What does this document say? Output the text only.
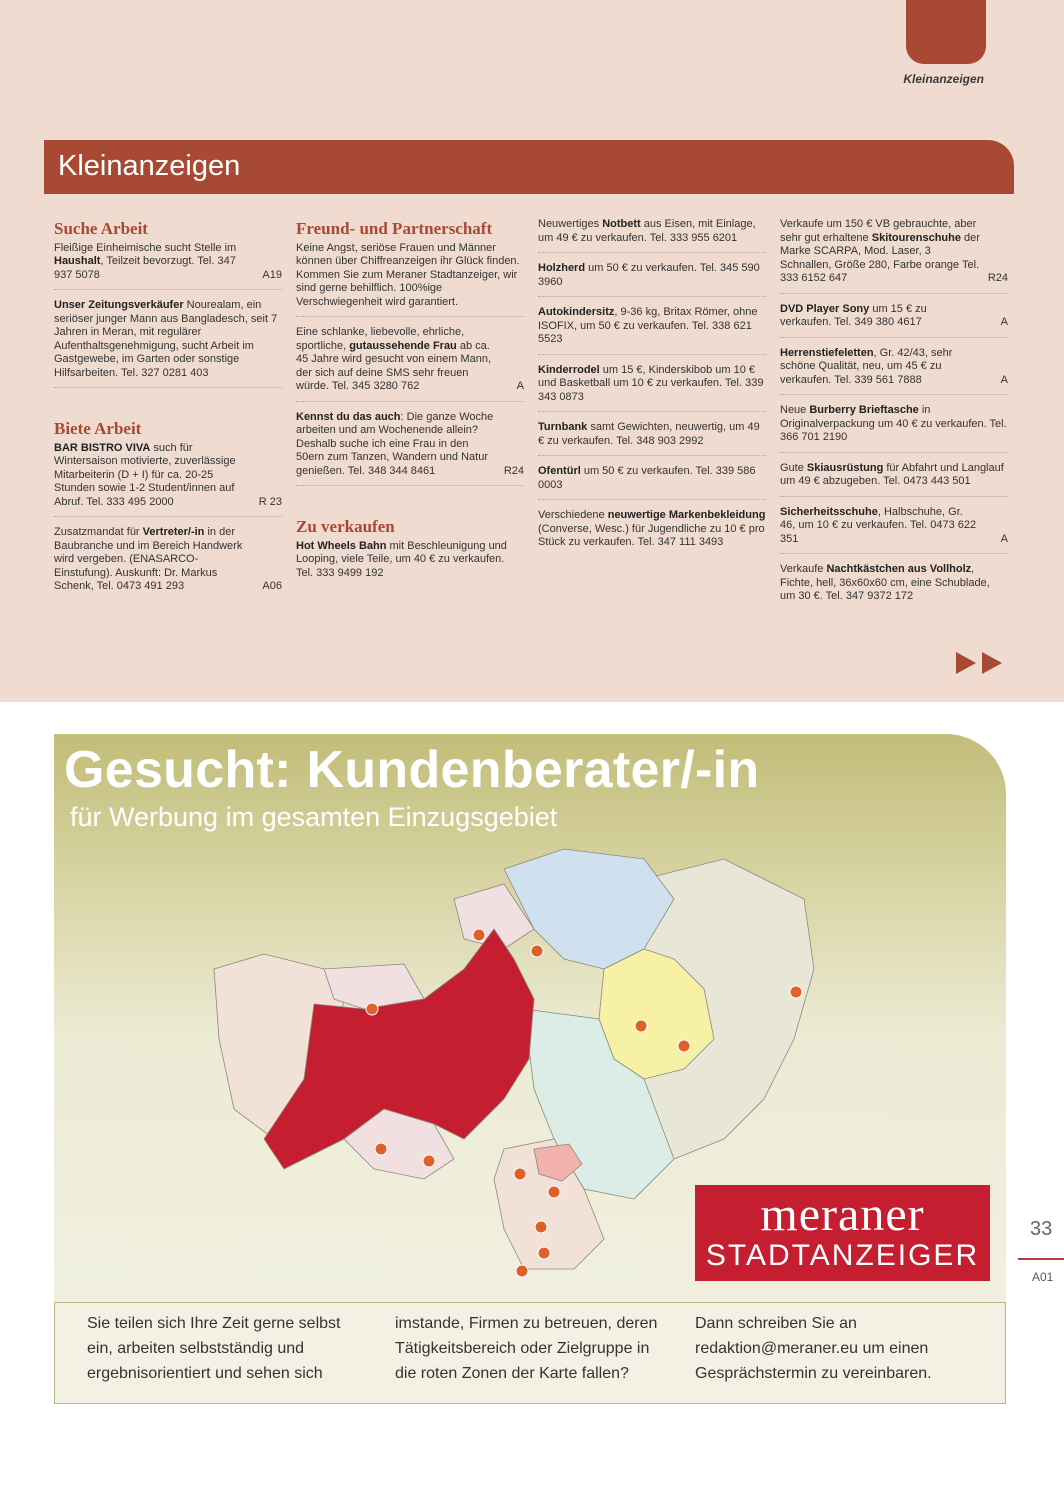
Kleinanzeigen
Kleinanzeigen
Suche Arbeit
Fleißige Einheimische sucht Stelle im Haushalt, Teilzeit bevorzugt. Tel. 347 937 5078	A19
Unser Zeitungsverkäufer Nourealam, ein seriöser junger Mann aus Bangladesch, seit 7 Jahren in Meran, mit regulärer Aufenthaltsgenehmigung, sucht Arbeit im Gastgewebe, im Garten oder sonstige Hilfsarbeiten. Tel. 327 0281 403
Biete Arbeit
BAR BISTRO VIVA such für Wintersaison motivierte, zuverlässige Mitarbeiterin (D + I) für ca. 20-25 Stunden sowie 1-2 Student/innen auf Abruf. Tel. 333 495 2000	R 23
Zusatzmandat für Vertreter/-in in der Baubranche und im Bereich Handwerk wird vergeben. (ENASARCO-Einstufung). Auskunft: Dr. Markus Schenk, Tel. 0473 491 293	A06
Freund- und Partnerschaft
Keine Angst, seriöse Frauen und Männer können über Chiffreanzeigen ihr Glück finden. Kommen Sie zum Meraner Stadtanzeiger, wir sind gerne behilflich. 100%ige Verschwiegenheit wird garantiert.
Eine schlanke, liebevolle, ehrliche, sportliche, gutaussehende Frau ab ca. 45 Jahre wird gesucht von einem Mann, der sich auf deine SMS sehr freuen würde. Tel. 345 3280 762	A
Kennst du das auch: Die ganze Woche arbeiten und am Wochenende allein? Deshalb suche ich eine Frau in den 50ern zum Tanzen, Wandern und Natur genießen. Tel. 348 344 8461	R24
Zu verkaufen
Hot Wheels Bahn mit Beschleunigung und Looping, viele Teile, um 40 € zu verkaufen. Tel. 333 9499 192
Neuwertiges Notbett aus Eisen, mit Einlage, um 49 € zu verkaufen. Tel. 333 955 6201
Holzherd um 50 € zu verkaufen. Tel. 345 590 3960
Autokindersitz, 9-36 kg, Britax Römer, ohne ISOFIX, um 50 € zu verkaufen. Tel. 338 621 5523
Kinderrodel um 15 €, Kinderskibob um 10 € und Basketball um 10 € zu verkaufen. Tel. 339 343 0873
Turnbank samt Gewichten, neuwertig, um 49 € zu verkaufen. Tel. 348 903 2992
Ofentürl um 50 € zu verkaufen. Tel. 339 586 0003
Verschiedene neuwertige Markenbekleidung (Converse, Wesc.) für Jugendliche zu 10 € pro Stück zu verkaufen. Tel. 347 111 3493
Verkaufe um 150 € VB gebrauchte, aber sehr gut erhaltene Skitourenschuhe der Marke SCARPA, Mod. Laser, 3 Schnallen, Größe 280, Farbe orange Tel. 333 6152 647	R24
DVD Player Sony um 15 € zu verkaufen. Tel. 349 380 4617	A
Herrenstiefeletten, Gr. 42/43, sehr schöne Qualität, neu, um 45 € zu verkaufen. Tel. 339 561 7888	A
Neue Burberry Brieftasche in Originalverpackung um 40 € zu verkaufen. Tel. 366 701 2190
Gute Skiausrüstung für Abfahrt und Langlauf um 49 € abzugeben. Tel. 0473 443 501
Sicherheitsschuhe, Halbschuhe, Gr. 46, um 10 € zu verkaufen. Tel. 0473 622 351	A
Verkaufe Nachtkästchen aus Vollholz, Fichte, hell, 36x60x60 cm, eine Schublade, um 30 €. Tel. 347 9372 172
Gesucht: Kundenberater/-in
für Werbung im gesamten Einzugsgebiet
meraner
STADTANZEIGER
Sie teilen sich Ihre Zeit gerne selbst ein, arbeiten selbstständig und ergebnisorientiert und sehen sich
imstande, Firmen zu betreuen, deren Tätigkeitsbereich oder Zielgruppe in die roten Zonen der Karte fallen?
Dann schreiben Sie an redaktion@meraner.eu um einen Gesprächstermin zu vereinbaren.
33
A01
